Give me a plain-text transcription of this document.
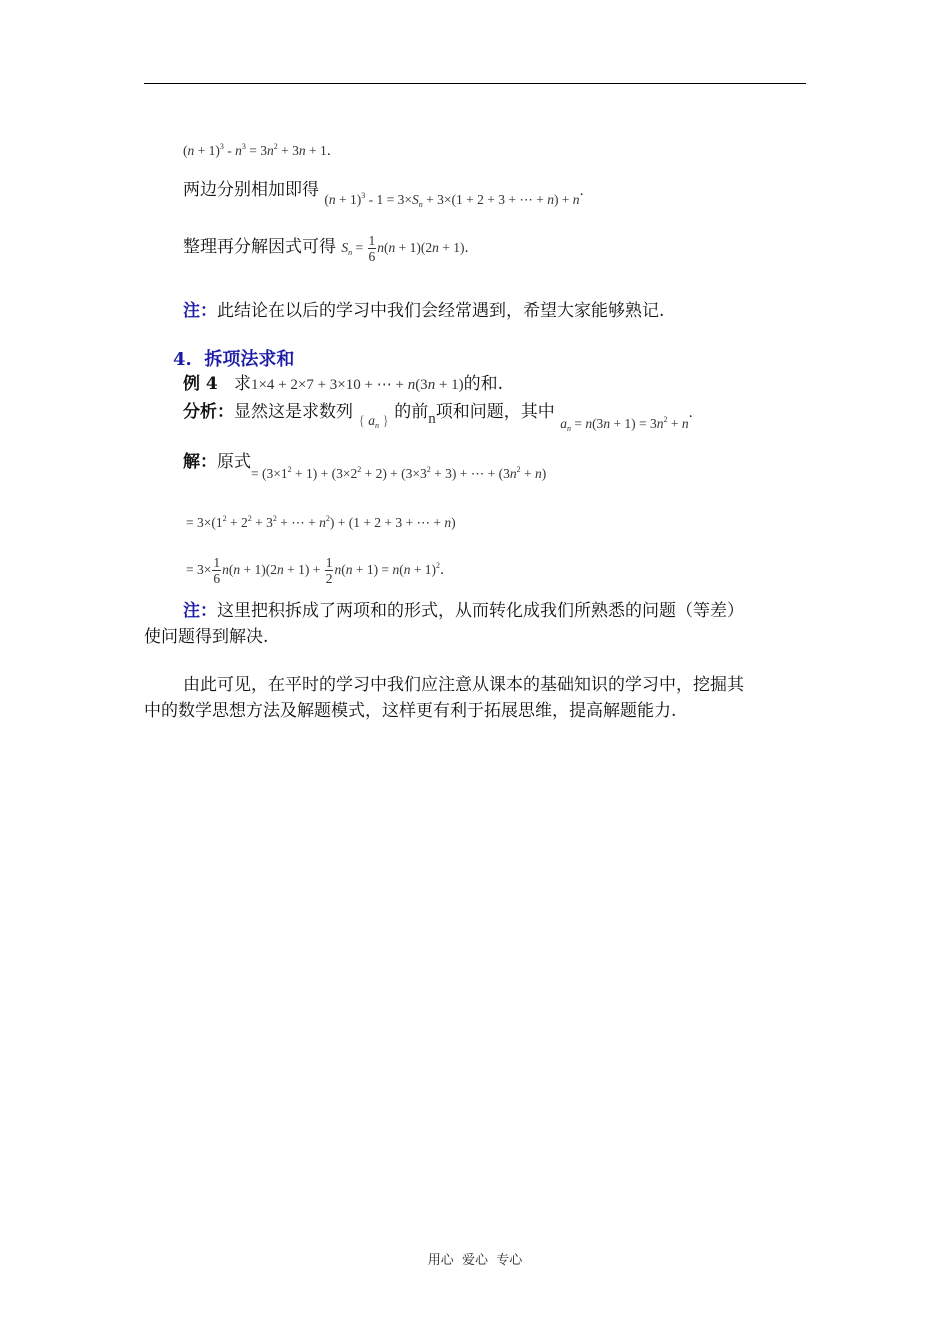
$(n + 1)^3 - n^3 = 3n^2 + 3n + 1$.
两边分别相加即得 $_{(n + 1)^3 - 1 = 3\times S_n + 3\times(1 + 2 + 3 + \cdots + n) + n}$.
整理再分解因式可得 $S_n = \frac{1}{6} n(n + 1)(2n + 1)$.
注：此结论在以后的学习中我们会经常遇到，希望大家能够熟记.
4. 拆项法求和
例 4 求1×4 + 2×7 + 3×10 + ⋯ + n(3n + 1)的和.
分析：显然这是求数列 $_{\{ a_n \}}$ 的前n项和问题，其中 $_{a_n = n(3n + 1) = 3n^2 + n}$.
解：原式$_{= (3\times 1^2 + 1) + (3\times 2^2 + 2) + (3\times 3^2 + 3) + \cdots + (3n^2 + n)}$
= $3\times(1^2 + 2^2 + 3^2$ + ⋯ + $n^2) + (1 + 2 + 3$ + ⋯ + n)
= $3\times \frac{1}{6} n(n + 1)(2n + 1) + \frac{1}{2} n(n + 1) = n(n + 1)^2$.
注：这里把积拆成了两项和的形式，从而转化成我们所熟悉的问题（等差）
使问题得到解决.
由此可见，在平时的学习中我们应注意从课本的基础知识的学习中，挖掘其
中的数学思想方法及解题模式，这样更有利于拓展思维，提高解题能力.
用心  爱心  专心
